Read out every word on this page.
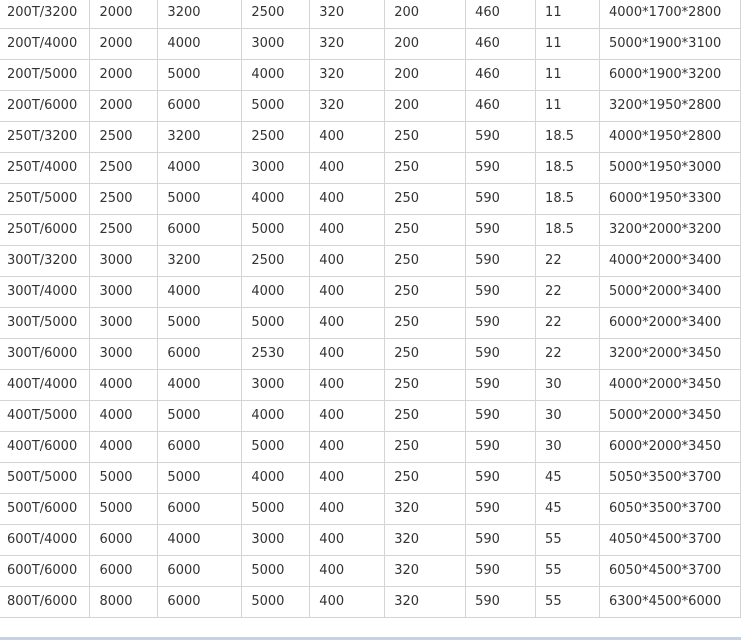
200T/3200	2000	3200	2500	320	200	460	11	4000*1700*2800
200T/4000	2000	4000	3000	320	200	460	11	5000*1900*3100
200T/5000	2000	5000	4000	320	200	460	11	6000*1900*3200
200T/6000	2000	6000	5000	320	200	460	11	3200*1950*2800
250T/3200	2500	3200	2500	400	250	590	18.5	4000*1950*2800
250T/4000	2500	4000	3000	400	250	590	18.5	5000*1950*3000
250T/5000	2500	5000	4000	400	250	590	18.5	6000*1950*3300
250T/6000	2500	6000	5000	400	250	590	18.5	3200*2000*3200
300T/3200	3000	3200	2500	400	250	590	22	4000*2000*3400
300T/4000	3000	4000	4000	400	250	590	22	5000*2000*3400
300T/5000	3000	5000	5000	400	250	590	22	6000*2000*3400
300T/6000	3000	6000	2530	400	250	590	22	3200*2000*3450
400T/4000	4000	4000	3000	400	250	590	30	4000*2000*3450
400T/5000	4000	5000	4000	400	250	590	30	5000*2000*3450
400T/6000	4000	6000	5000	400	250	590	30	6000*2000*3450
500T/5000	5000	5000	4000	400	250	590	45	5050*3500*3700
500T/6000	5000	6000	5000	400	320	590	45	6050*3500*3700
600T/4000	6000	4000	3000	400	320	590	55	4050*4500*3700
600T/6000	6000	6000	5000	400	320	590	55	6050*4500*3700
800T/6000	8000	6000	5000	400	320	590	55	6300*4500*6000
